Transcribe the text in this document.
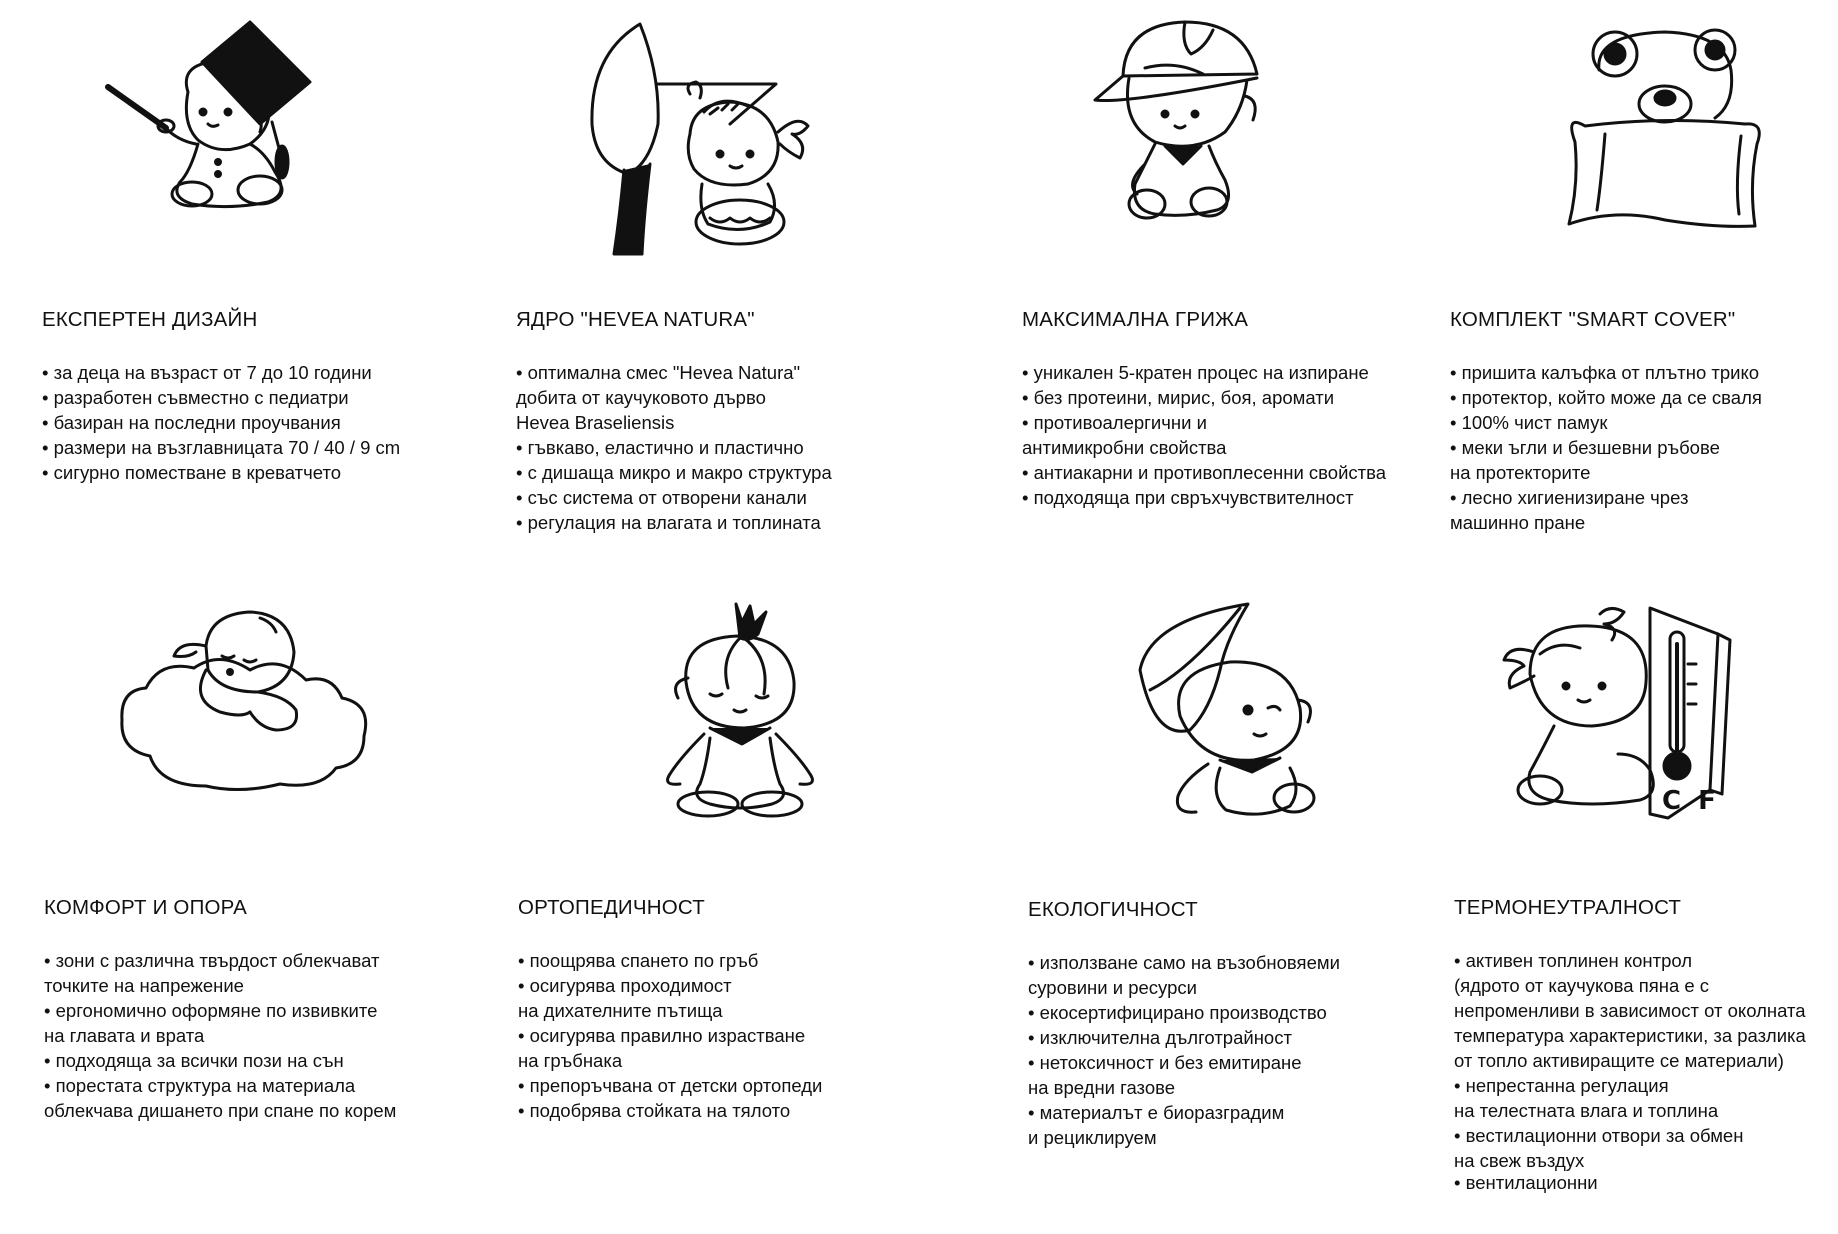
C F
ЕКСПЕРТЕН ДИЗАЙН
• за деца на възраст от 7 до 10 години
• разработен съвместно с педиатри
• базиран на последни проучвания
• размери на възглавницата 70 / 40 / 9 cm
• сигурно поместване в креватчето
ЯДРО "HEVEA NATURA"
• оптимална смес "Hevea Natura"
добита от каучуковото дърво
Hevea Braseliensis
• гъвкаво, еластично и пластично
• с дишаща микро и макро структура
• със система от отворени канали
• регулация на влагата и топлината
МАКСИМАЛНА ГРИЖА
• уникален 5-кратен процес на изпиране
• без протеини, мирис, боя, аромати
• противоалергични и
антимикробни свойства
• антиакарни и противоплесенни свойства
• подходяща при свръхчувствителност
КОМПЛЕКТ "SMART COVER"
• пришита калъфка от плътно трико
• протектор, който може да се сваля
• 100% чист памук
• меки ъгли и безшевни ръбове
на протекторите
• лесно хигиенизиране чрез
машинно пране
КОМФОРТ И ОПОРА
• зони с различна твърдост облекчават
точките на напрежение
• ергономично оформяне по извивките
на главата и врата
• подходяща за всички пози на сън
• порестата структура на материала
облекчава дишането при спане по корем
ОРТОПЕДИЧНОСТ
• поощрява спането по гръб
• осигурява проходимост
на дихателните пътища
• осигурява правилно израстване
на гръбнака
• препоръчвана от детски ортопеди
• подобрява стойката на тялото
ЕКОЛОГИЧНОСТ
• използване само на възобновяеми
суровини и ресурси
• екосертифицирано производство
• изключителна дълготрайност
• нетоксичност и без емитиране
на вредни газове
• материалът е биоразградим
и рециклируем
ТЕРМОНЕУТРАЛНОСТ
• активен топлинен контрол
(ядрото от каучукова пяна е с
непроменливи в зависимост от околната
температура характеристики, за разлика
от топло активиращите се материали)
• непрестанна регулация
на телестната влага и топлина
• вестилационни отвори за обмен
на свеж въздух
• вентилационни
